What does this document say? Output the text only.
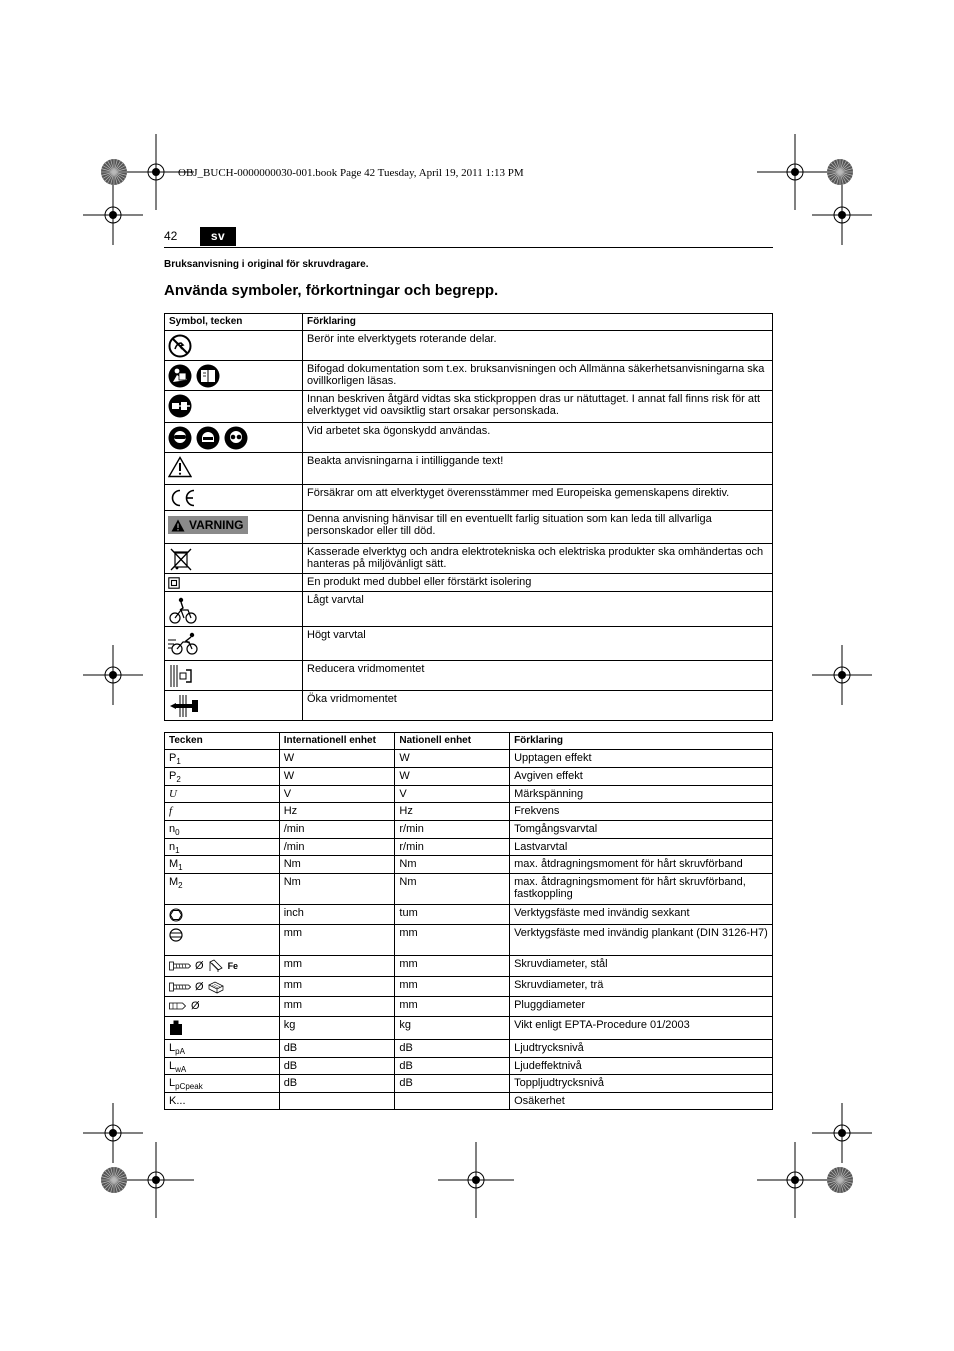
OBJ_BUCH-0000000030-001.book Page 42 Tuesday, April 19, 2011 1:13 PM
42	sv
Bruksanvisning i original för skruvdragare.
Använda symboler, förkortningar och begrepp.
Symbol, tecken	Förklaring

	Berör inte elverktygets roterande delar.

	Bifogad dokumentation som t.ex. bruksanvisningen och Allmänna säkerhetsanvisningarna ska ovillkorligen läsas.

	Innan beskriven åtgärd vidtas ska stickproppen dras ur nätuttaget. I annat fall finns risk för att elverktyget vid oavsiktlig start orsakar personskada.

	Vid arbetet ska ögonskydd användas.

	Beakta anvisningarna i intilliggande text!

	Försäkrar om att elverktyget överensstämmer med Europeiska gemenskapens direktiv.

VARNING	Denna anvisning hänvisar till en eventuellt farlig situation som kan leda till allvarliga personskador eller till död.

	Kasserade elverktyg och andra elektrotekniska och elektriska produkter ska omhändertas och hanteras på miljövänligt sätt.

	En produkt med dubbel eller förstärkt isolering

	Lågt varvtal

	Högt varvtal

	Reducera vridmomentet

	Öka vridmomentet
Tecken	Internationell enhet	Nationell enhet	Förklaring
$P_1$	W	W	Upptagen effekt
$P_2$	W	W	Avgiven effekt
U	V	V	Märkspänning
f	Hz	Hz	Frekvens
$n_0$	/min	r/min	Tomgångsvarvtal
$n_1$	/min	r/min	Lastvarvtal
$M_1$	Nm	Nm	max. åtdragningsmoment för hårt skruvförband
$M_2$	Nm	Nm	max. åtdragningsmoment för hårt skruvförband, fastkoppling

	inch	tum	Verktygsfäste med invändig sexkant

	mm	mm	Verktygsfäste med invändig plankant (DIN 3126-H7)

Ø Fe	mm	mm	Skruvdiameter, stål

Ø	mm	mm	Skruvdiameter, trä

Ø	mm	mm	Pluggdiameter

	kg	kg	Vikt enligt EPTA-Procedure 01/2003
$L_{pA}$	dB	dB	Ljudtrycksnivå
$L_{wA}$	dB	dB	Ljudeffektnivå
$L_{pCpeak}$	dB	dB	Toppljudtrycksnivå
K...			Osäkerhet
